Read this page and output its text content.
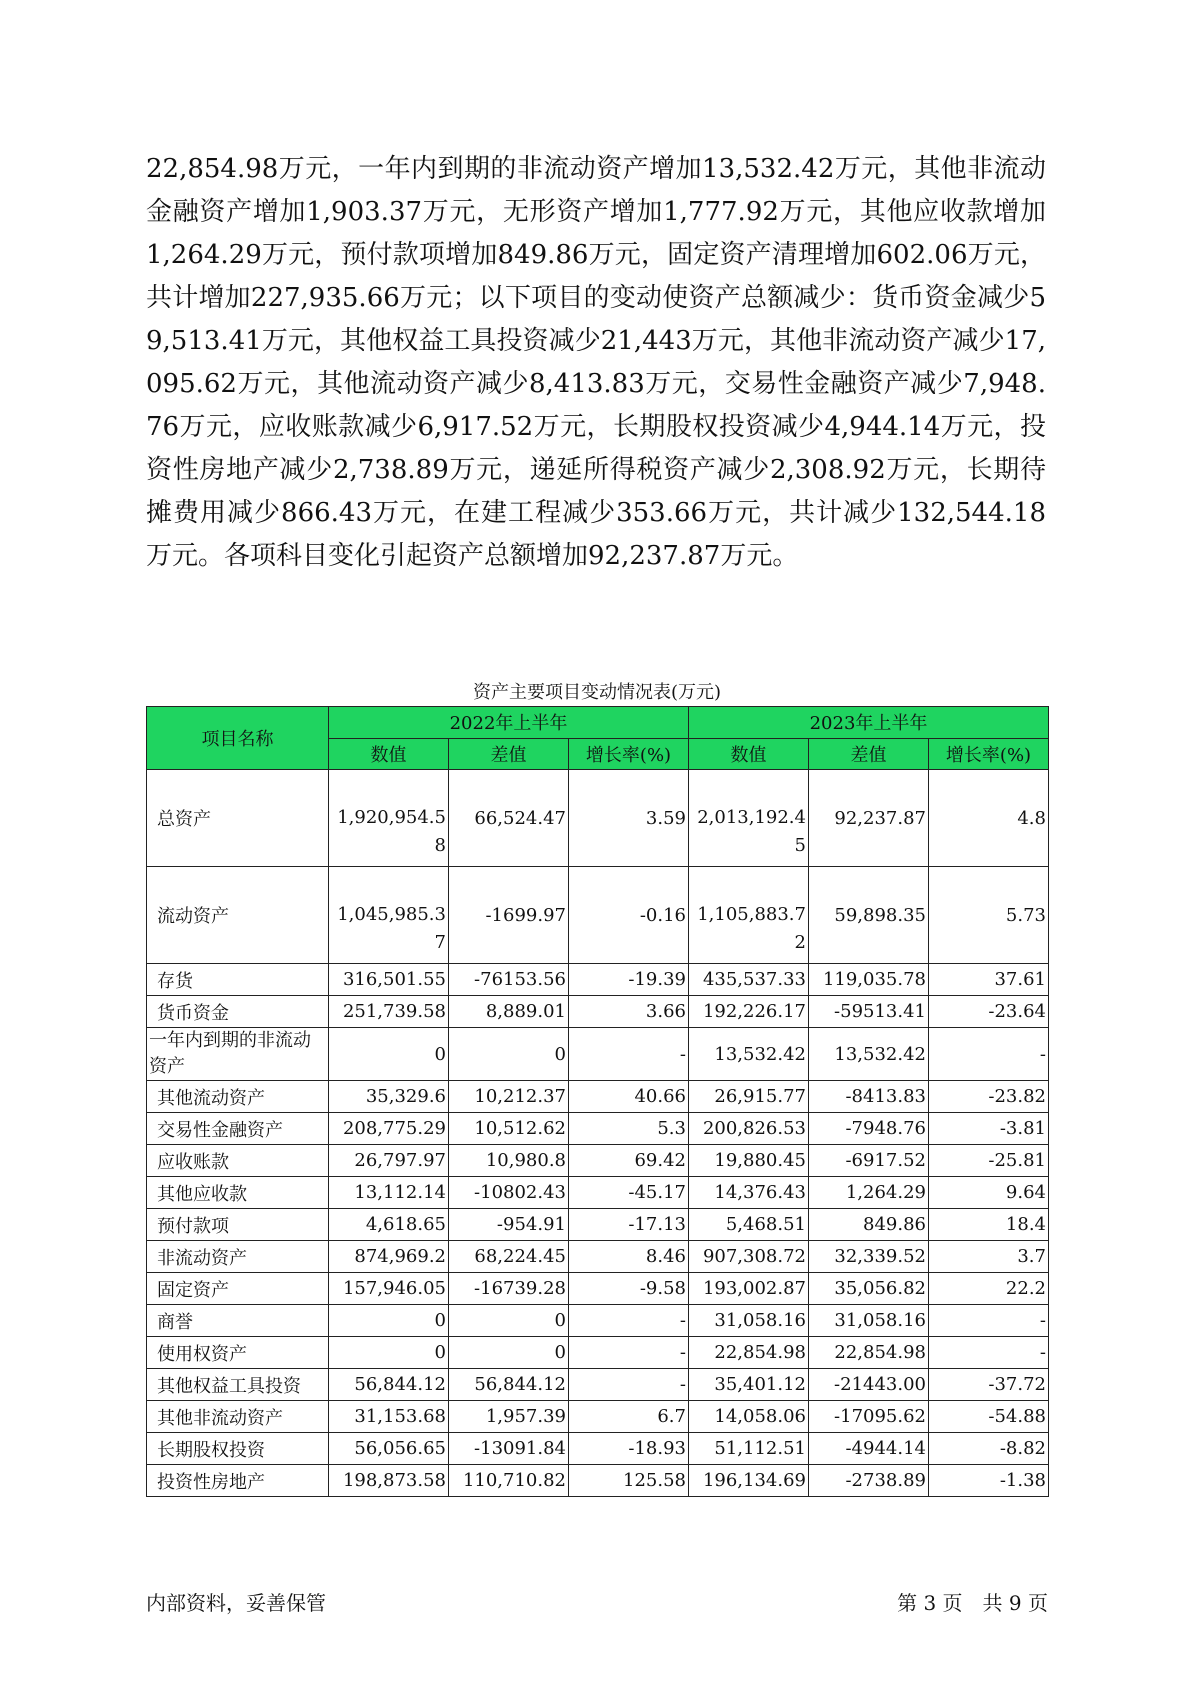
22,854.98万元，一年内到期的非流动资产增加13,532.42万元，其他非流动金融资产增加1,903.37万元，无形资产增加1,777.92万元，其他应收款增加1,264.29万元，预付款项增加849.86万元，固定资产清理增加602.06万元，共计增加227,935.66万元；以下项目的变动使资产总额减少：货币资金减少59,513.41万元，其他权益工具投资减少21,443万元，其他非流动资产减少17,095.62万元，其他流动资产减少8,413.83万元，交易性金融资产减少7,948.76万元，应收账款减少6,917.52万元，长期股权投资减少4,944.14万元，投资性房地产减少2,738.89万元，递延所得税资产减少2,308.92万元，长期待摊费用减少866.43万元，在建工程减少353.66万元，共计减少132,544.18万元。各项科目变化引起资产总额增加92,237.87万元。

资产主要项目变动情况表(万元)

项目名称	2022年上半年			2023年上半年		
	数值	差值	增长率(%)	数值	差值	增长率(%)
总资产	1,920,954.58	66,524.47	3.59	2,013,192.45	92,237.87	4.8
流动资产	1,045,985.37	-1699.97	-0.16	1,105,883.72	59,898.35	5.73
存货	316,501.55	-76153.56	-19.39	435,537.33	119,035.78	37.61
货币资金	251,739.58	8,889.01	3.66	192,226.17	-59513.41	-23.64

一年内到期的非流动资产	0	0	-	13,532.42	13,532.42	-
其他流动资产	35,329.6	10,212.37	40.66	26,915.77	-8413.83	-23.82
交易性金融资产	208,775.29	10,512.62	5.3	200,826.53	-7948.76	-3.81
应收账款	26,797.97	10,980.8	69.42	19,880.45	-6917.52	-25.81
其他应收款	13,112.14	-10802.43	-45.17	14,376.43	1,264.29	9.64
预付款项	4,618.65	-954.91	-17.13	5,468.51	849.86	18.4
非流动资产	874,969.2	68,224.45	8.46	907,308.72	32,339.52	3.7
固定资产	157,946.05	-16739.28	-9.58	193,002.87	35,056.82	22.2
商誉	0	0	-	31,058.16	31,058.16	-
使用权资产	0	0	-	22,854.98	22,854.98	-
其他权益工具投资	56,844.12	56,844.12	-	35,401.12	-21443.00	-37.72
其他非流动资产	31,153.68	1,957.39	6.7	14,058.06	-17095.62	-54.88
长期股权投资	56,056.65	-13091.84	-18.93	51,112.51	-4944.14	-8.82
投资性房地产	198,873.58	110,710.82	125.58	196,134.69	-2738.89	-1.38

内部资料，妥善保管	第 3 页　共 9 页
